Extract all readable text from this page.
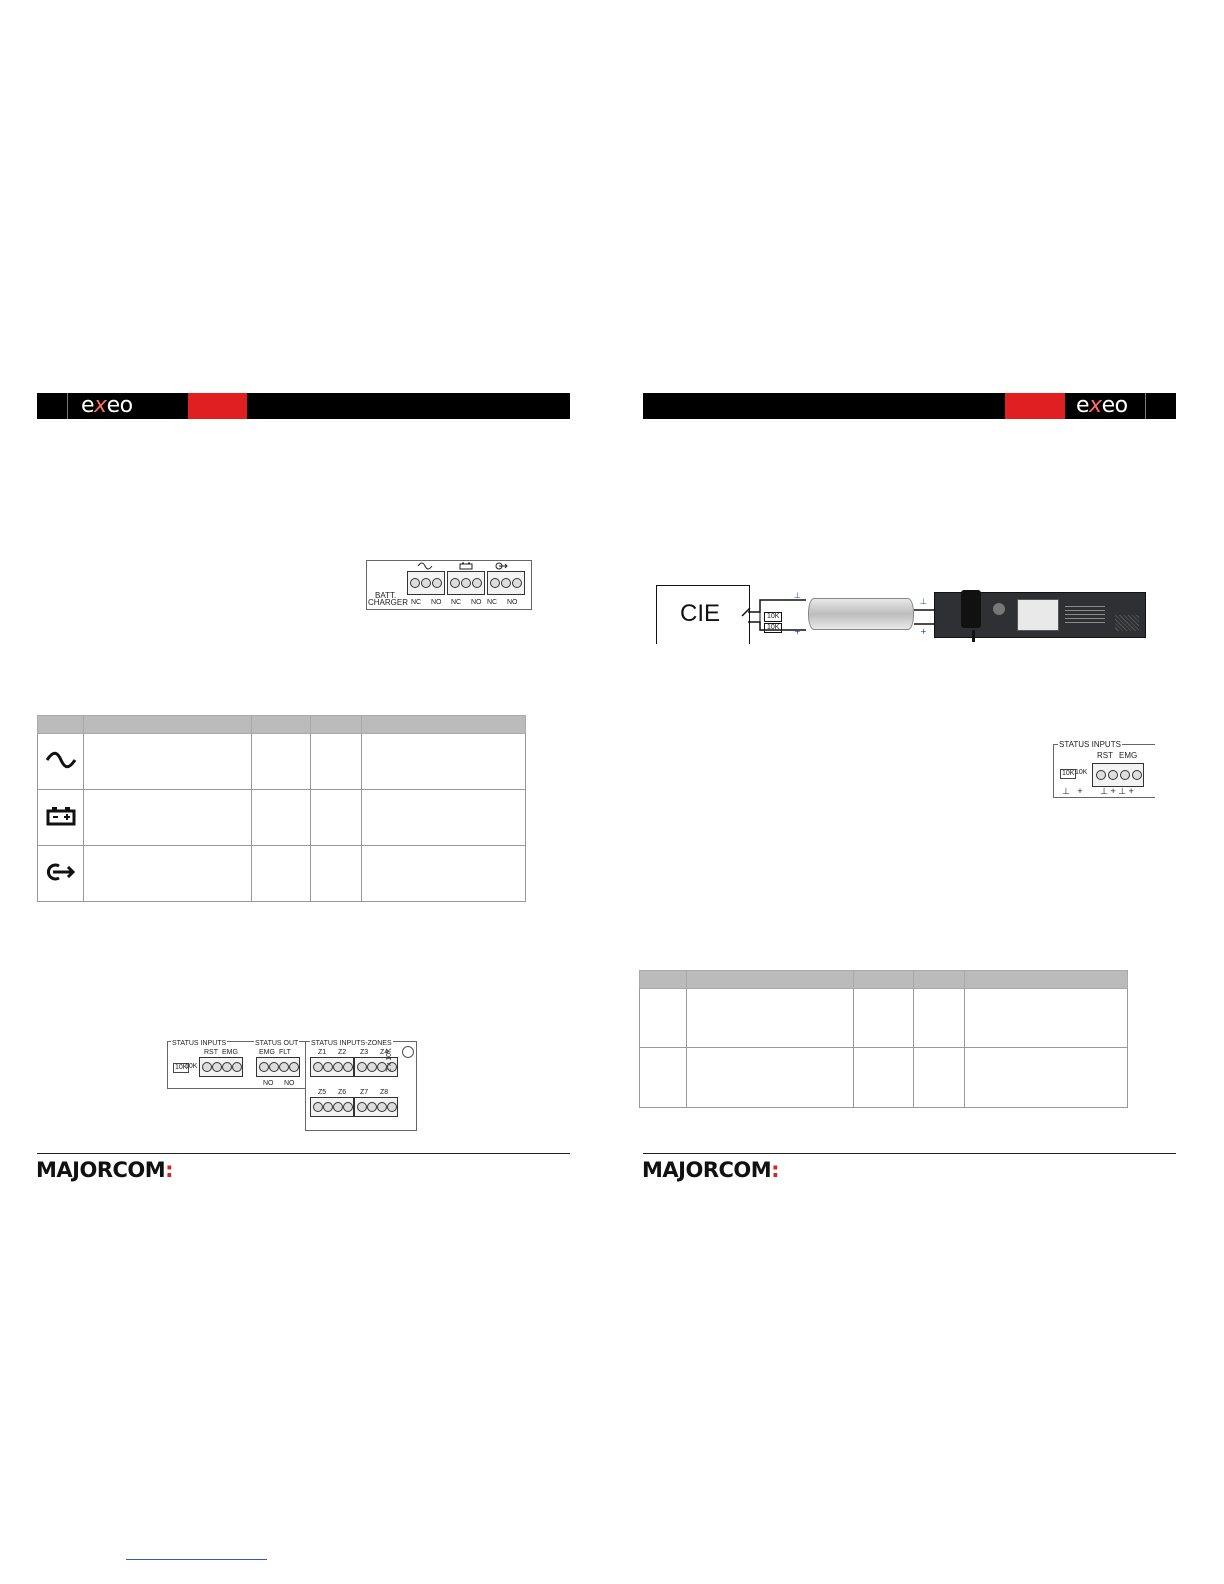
exeo
BATT.
CHARGER NC NO NC NO NC NO

STATUS INPUTS	STATUS OUT STATUS INPUTS-ZONES
10K
10K
RST EMG	EMG FLT
NO NO
Z1 Z2 Z3 Z4
Z5 Z6 Z7 Z8
2 x 10K
MAJORCOM:
exeo
CIE
⊥
+
⊥
+
10K
10K
STATUS INPUTS
RST EMG
10K 10K
⊥   +       ⊥ + ⊥ +

MAJORCOM:
